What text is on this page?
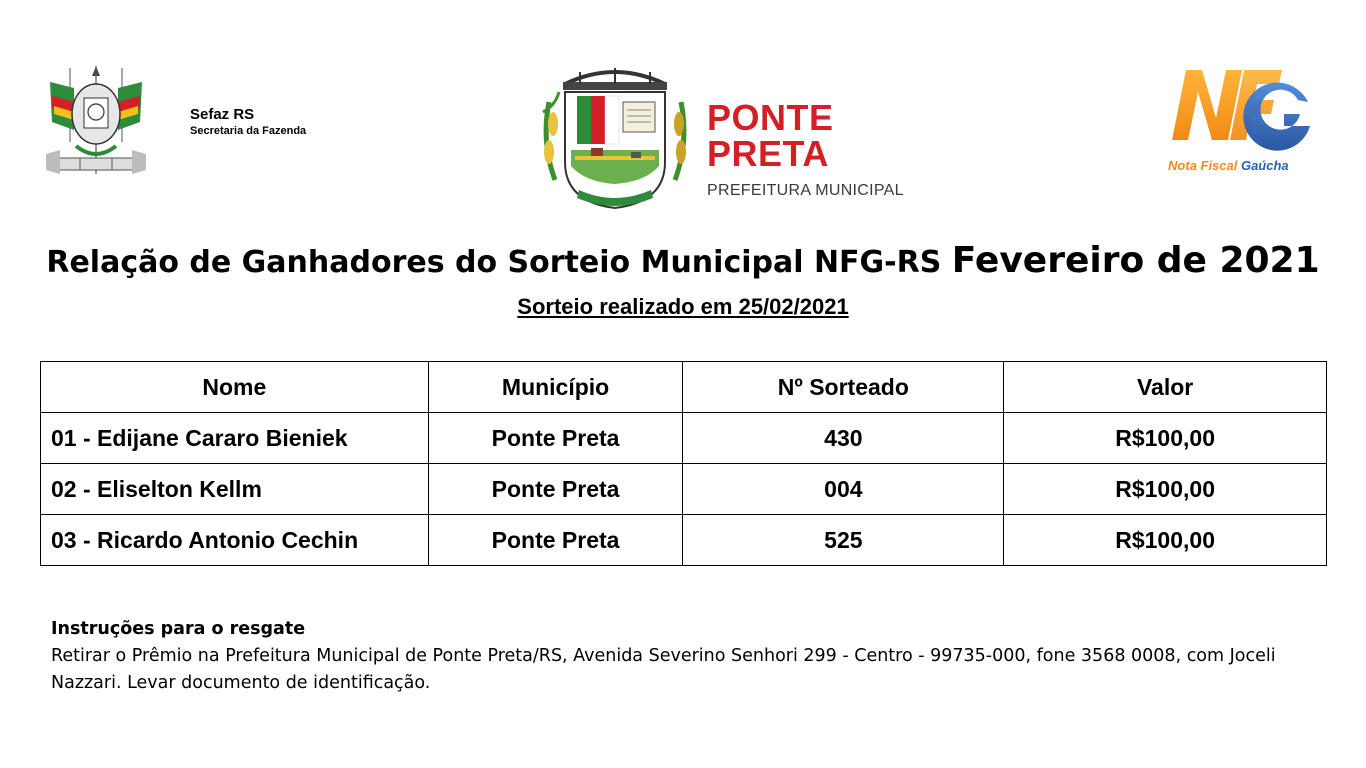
Sefaz RS
Secretaria da Fazenda	PONTE PRETA
PREFEITURA MUNICIPAL
Nota Fiscal Gaúcha
Relação de Ganhadores do Sorteio Municipal NFG-RS Fevereiro de 2021
Sorteio realizado em 25/02/2021
Nome	Município	Nº Sorteado	Valor
01 - Edijane Cararo Bieniek	Ponte Preta	430	R$100,00
02 - Eliselton Kellm	Ponte Preta	004	R$100,00
03 - Ricardo Antonio Cechin	Ponte Preta	525	R$100,00
Instruções para o resgate
Retirar o Prêmio na Prefeitura Municipal de Ponte Preta/RS, Avenida Severino Senhori 299 - Centro - 99735-000, fone 3568 0008, com Joceli Nazzari. Levar documento de identificação.
